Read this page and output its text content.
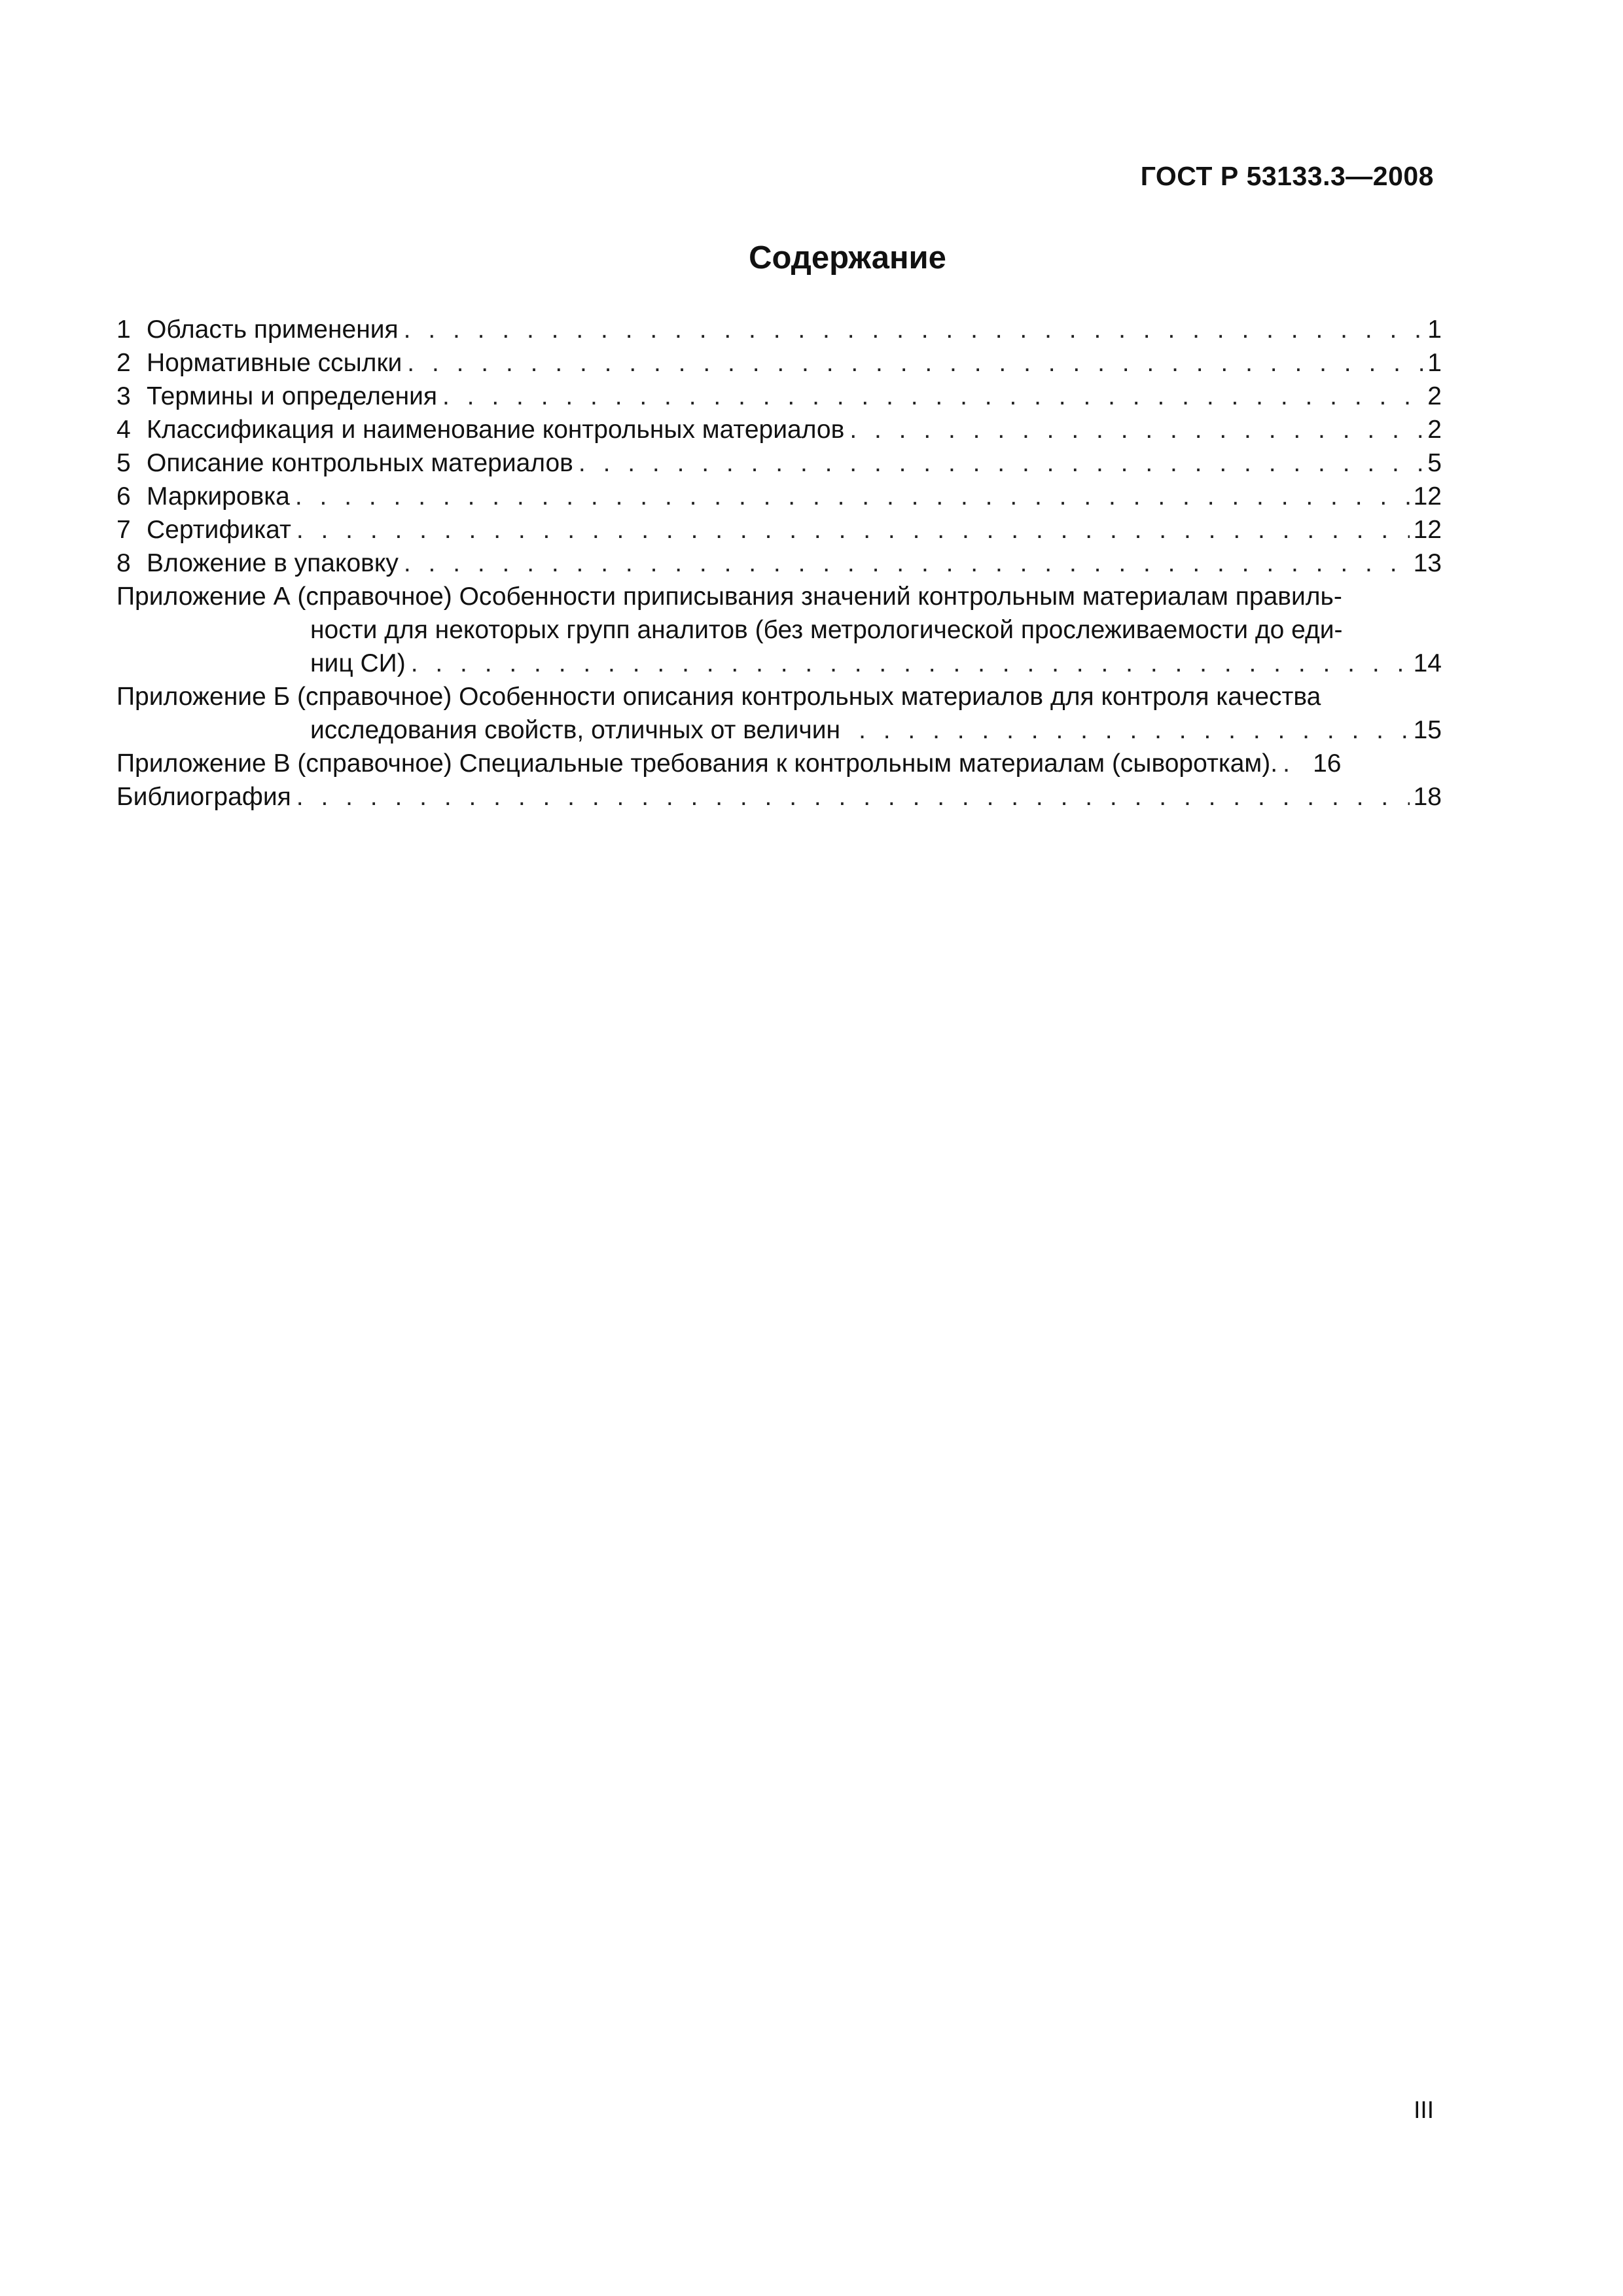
ГОСТ Р 53133.3—2008
Содержание
1 Область применения . . .	1
2 Нормативные ссылки . . .	1
3 Термины и определения . . .	2
4 Классификация и наименование контрольных материалов . . .	2
5 Описание контрольных материалов . . .	5
6 Маркировка . . .	12
7 Сертификат . . .	12
8 Вложение в упаковку . . .	13
Приложение А (справочное) Особенности приписывания значений контрольным материалам правиль-
ности для некоторых групп аналитов (без метрологической прослеживаемости до еди-
ниц СИ) . . .	14
Приложение Б (справочное) Особенности описания контрольных материалов для контроля качества
исследования свойств, отличных от величин . . .	15
Приложение В (справочное) Специальные требования к контрольным материалам (сывороткам). . . . 16
Библиография . . .	18
III
